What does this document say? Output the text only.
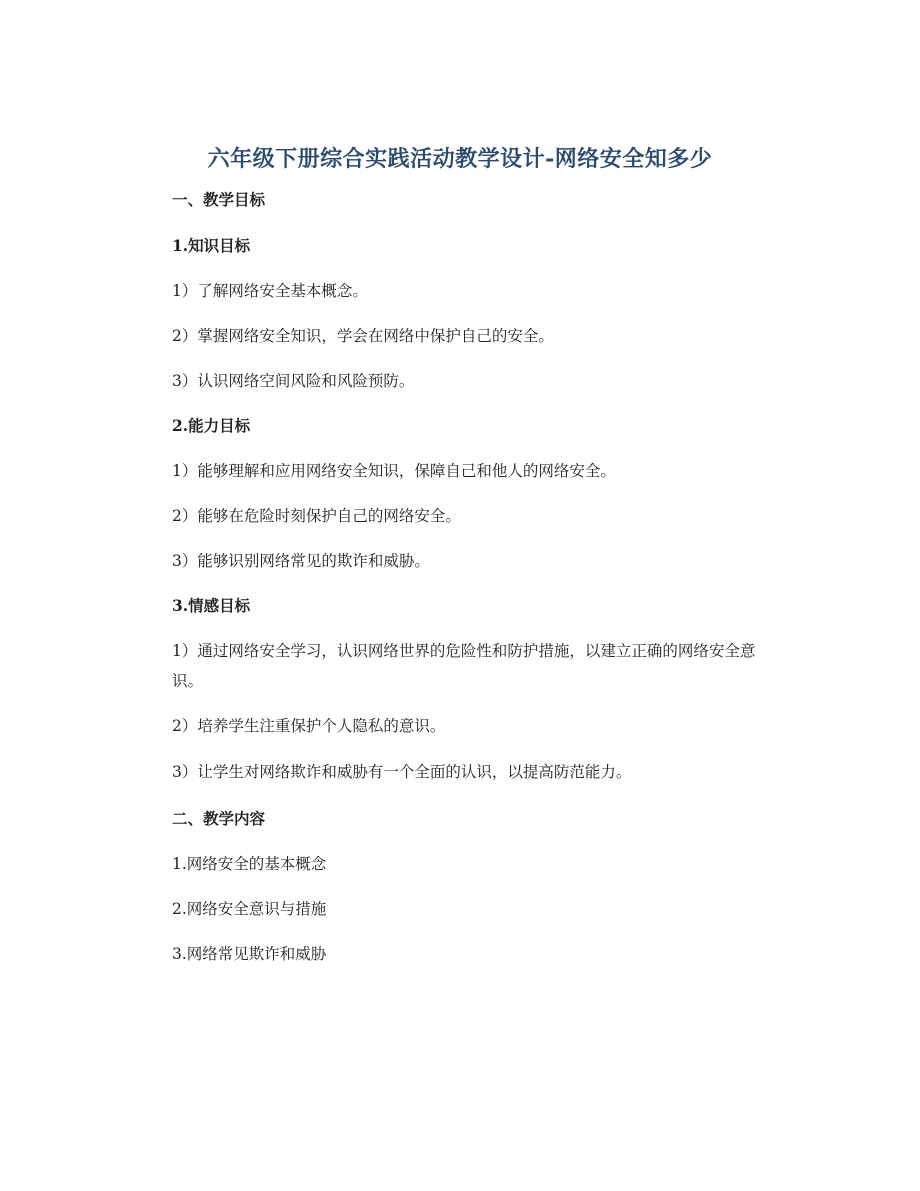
六年级下册综合实践活动教学设计-网络安全知多少
一、教学目标
1.知识目标
1）了解网络安全基本概念。
2）掌握网络安全知识，学会在网络中保护自己的安全。
3）认识网络空间风险和风险预防。
2.能力目标
1）能够理解和应用网络安全知识，保障自己和他人的网络安全。
2）能够在危险时刻保护自己的网络安全。
3）能够识别网络常见的欺诈和威胁。
3.情感目标
1）通过网络安全学习，认识网络世界的危险性和防护措施，以建立正确的网络安全意识。
2）培养学生注重保护个人隐私的意识。
3）让学生对网络欺诈和威胁有一个全面的认识，以提高防范能力。
二、教学内容
1.网络安全的基本概念
2.网络安全意识与措施
3.网络常见欺诈和威胁
